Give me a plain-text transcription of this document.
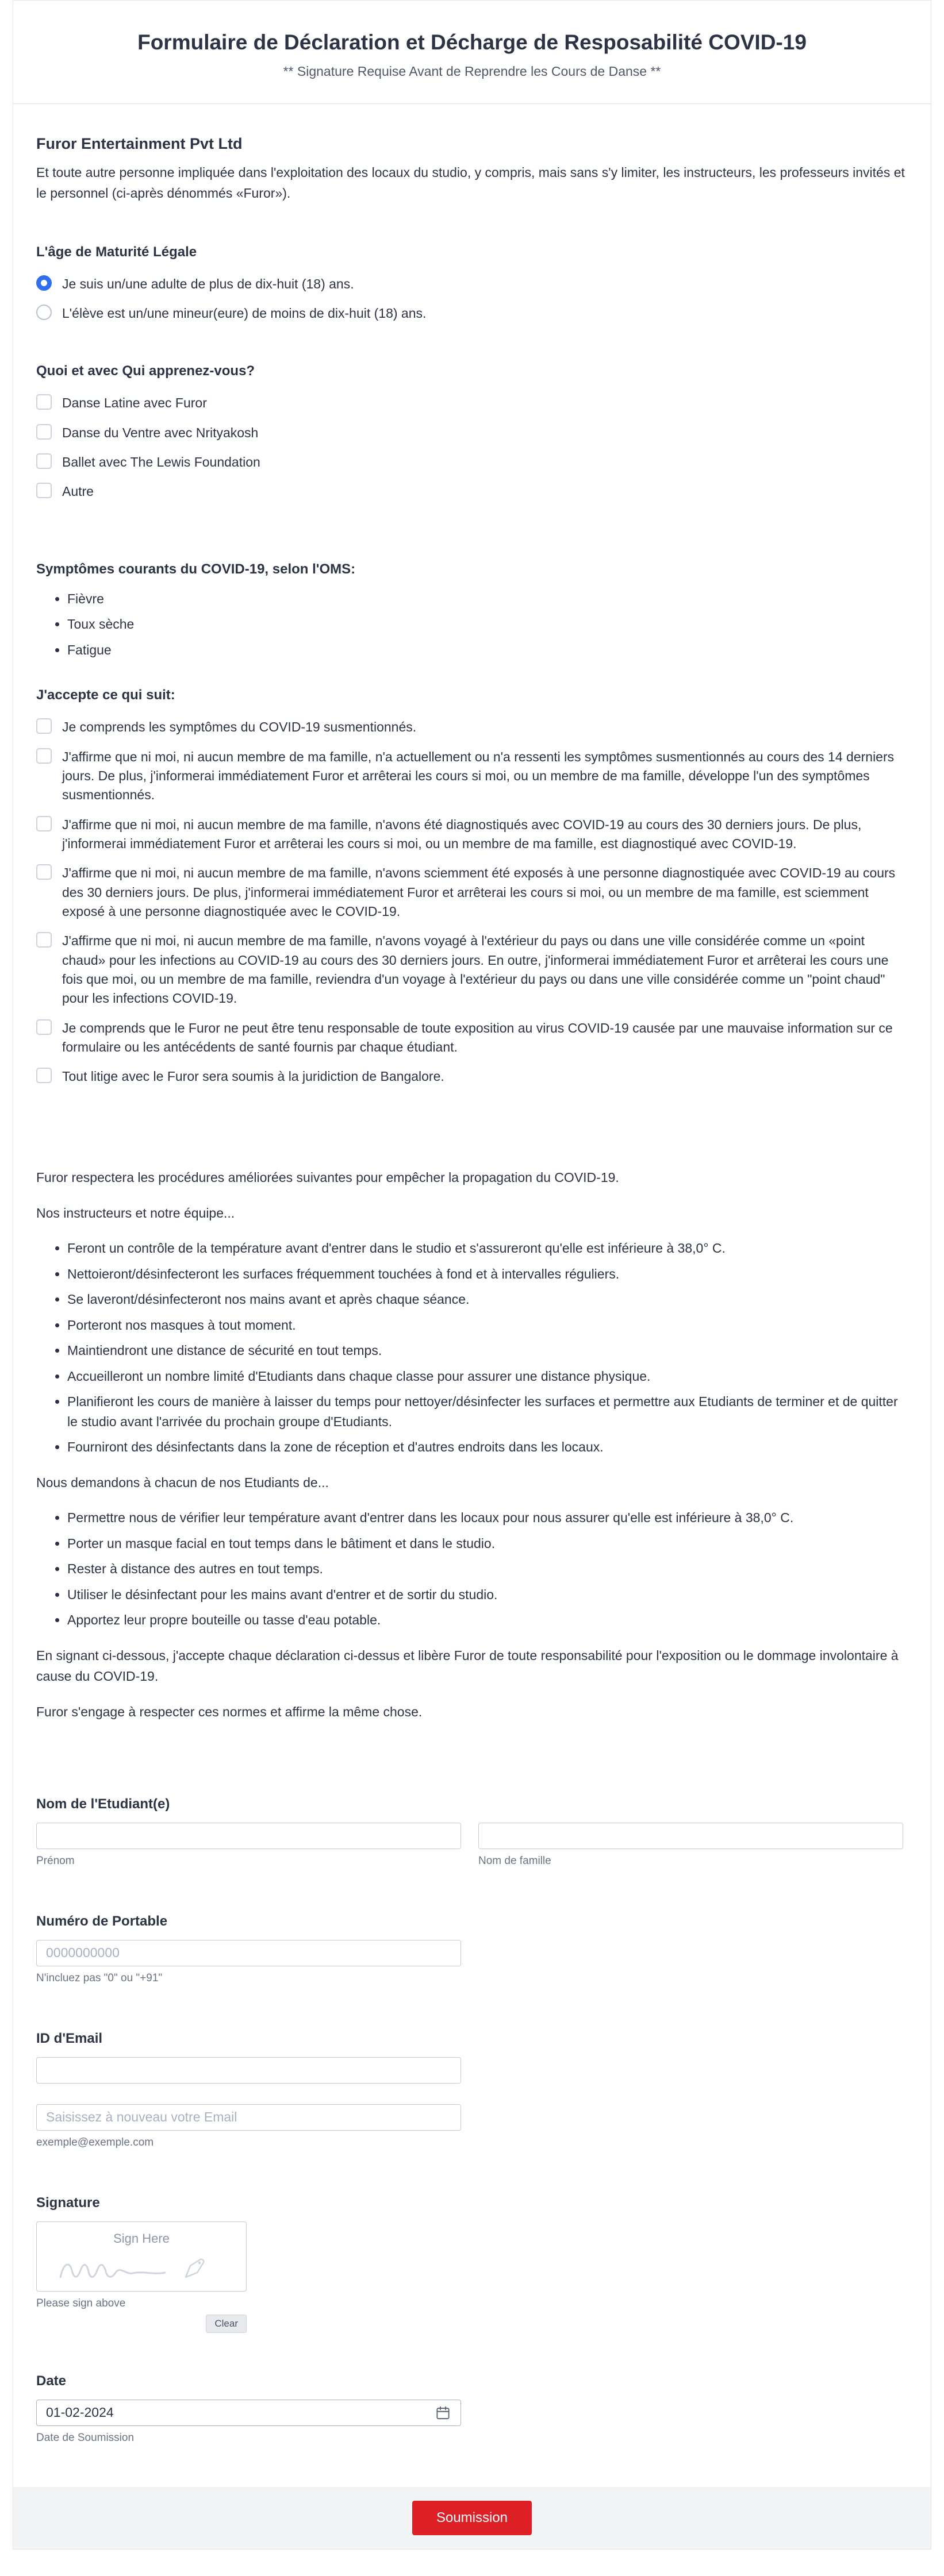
Formulaire de Déclaration et Décharge de Resposabilité COVID-19
** Signature Requise Avant de Reprendre les Cours de Danse **
Furor Entertainment Pvt Ltd

Et toute autre personne impliquée dans l'exploitation des locaux du studio, y compris, mais sans s'y limiter, les instructeurs, les professeurs invités et le personnel (ci-après dénommés «Furor»).

L'âge de Maturité Légale
Je suis un/une adulte de plus de dix-huit (18) ans.
L'élève est un/une mineur(eure) de moins de dix-huit (18) ans.
Quoi et avec Qui apprenez-vous?
Danse Latine avec Furor
Danse du Ventre avec Nrityakosh
Ballet avec The Lewis Foundation
Autre

Symptômes courants du COVID-19, selon l'OMS:

• Fièvre
• Toux sèche
• Fatigue
J'accepte ce qui suit:
Je comprends les symptômes du COVID-19 susmentionnés.
J'affirme que ni moi, ni aucun membre de ma famille, n'a actuellement ou n'a ressenti les symptômes susmentionnés au cours des 14 derniers jours. De plus, j'informerai immédiatement Furor et arrêterai les cours si moi, ou un membre de ma famille, développe l'un des symptômes susmentionnés.
J'affirme que ni moi, ni aucun membre de ma famille, n'avons été diagnostiqués avec COVID-19 au cours des 30 derniers jours. De plus, j'informerai immédiatement Furor et arrêterai les cours si moi, ou un membre de ma famille, est diagnostiqué avec COVID-19.
J'affirme que ni moi, ni aucun membre de ma famille, n'avons sciemment été exposés à une personne diagnostiquée avec COVID-19 au cours des 30 derniers jours. De plus, j'informerai immédiatement Furor et arrêterai les cours si moi, ou un membre de ma famille, est sciemment exposé à une personne diagnostiquée avec le COVID-19.
J'affirme que ni moi, ni aucun membre de ma famille, n'avons voyagé à l'extérieur du pays ou dans une ville considérée comme un «point chaud» pour les infections au COVID-19 au cours des 30 derniers jours. En outre, j'informerai immédiatement Furor et arrêterai les cours une fois que moi, ou un membre de ma famille, reviendra d'un voyage à l'extérieur du pays ou dans une ville considérée comme un "point chaud" pour les infections COVID-19.
Je comprends que le Furor ne peut être tenu responsable de toute exposition au virus COVID-19 causée par une mauvaise information sur ce formulaire ou les antécédents de santé fournis par chaque étudiant.
Tout litige avec le Furor sera soumis à la juridiction de Bangalore.

Furor respectera les procédures améliorées suivantes pour empêcher la propagation du COVID-19.

Nos instructeurs et notre équipe...

• Feront un contrôle de la température avant d'entrer dans le studio et s'assureront qu'elle est inférieure à 38,0° C.
• Nettoieront/désinfecteront les surfaces fréquemment touchées à fond et à intervalles réguliers.
• Se laveront/désinfecteront nos mains avant et après chaque séance.
• Porteront nos masques à tout moment.
• Maintiendront une distance de sécurité en tout temps.
• Accueilleront un nombre limité d'Etudiants dans chaque classe pour assurer une distance physique.
• Planifieront les cours de manière à laisser du temps pour nettoyer/désinfecter les surfaces et permettre aux Etudiants de terminer et de quitter le studio avant l'arrivée du prochain groupe d'Etudiants.
• Fourniront des désinfectants dans la zone de réception et d'autres endroits dans les locaux.

Nous demandons à chacun de nos Etudiants de...

• Permettre nous de vérifier leur température avant d'entrer dans les locaux pour nous assurer qu'elle est inférieure à 38,0° C.
• Porter un masque facial en tout temps dans le bâtiment et dans le studio.
• Rester à distance des autres en tout temps.
• Utiliser le désinfectant pour les mains avant d'entrer et de sortir du studio.
• Apportez leur propre bouteille ou tasse d'eau potable.

En signant ci-dessous, j'accepte chaque déclaration ci-dessus et libère Furor de toute responsabilité pour l'exposition ou le dommage involontaire à cause du COVID-19.

Furor s'engage à respecter ces normes et affirme la même chose.

Nom de l'Etudiant(e)
Prénom	Nom de famille
Numéro de Portable
0000000000
N'incluez pas "0" ou "+91"
ID d'Email
Saisissez à nouveau votre Email
exemple@exemple.com
Signature
Sign Here
Please sign above
Clear
Date
01-02-2024
Date de Soumission
Soumission
